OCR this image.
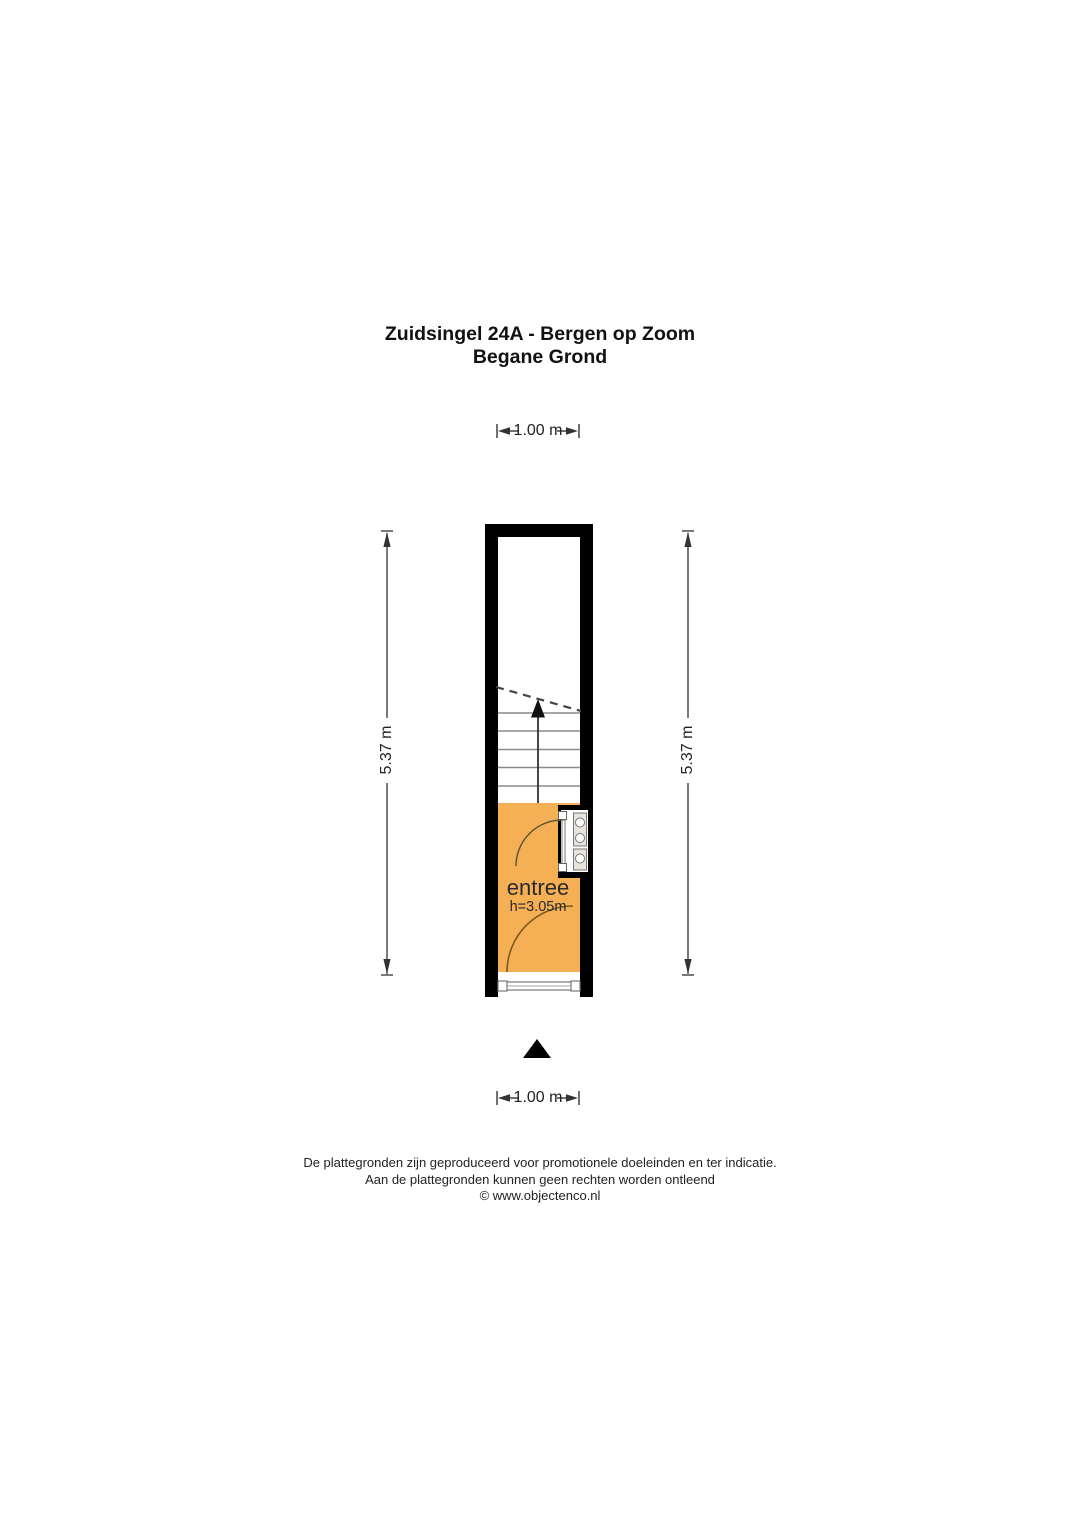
Zuidsingel 24A - Bergen op Zoom
Begane Grond
1.00 m
1.00 m
5.37 m	5.37 m
entree
h=3.05m
De plattegronden zijn geproduceerd voor promotionele doeleinden en ter indicatie.
Aan de plattegronden kunnen geen rechten worden ontleend
© www.objectenco.nl
